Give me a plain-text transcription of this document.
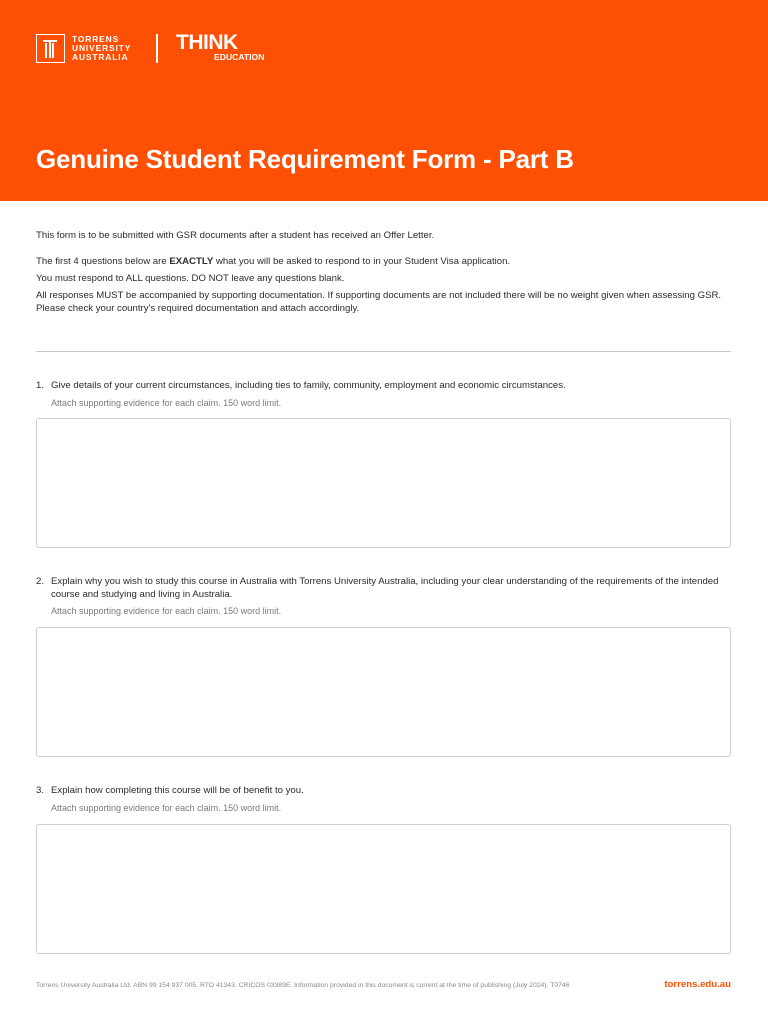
TORRENS
UNIVERSITY
AUSTRALIA
THINK
EDUCATION
Genuine Student Requirement Form - Part B

This form is to be submitted with GSR documents after a student has received an Offer Letter.

The first 4 questions below are EXACTLY what you will be asked to respond to in your Student Visa application.

You must respond to ALL questions. DO NOT leave any questions blank.

All responses MUST be accompanied by supporting documentation. If supporting documents are not included there will be no weight given when assessing GSR. Please check your country's required documentation and attach accordingly.

1. Give details of your current circumstances, including ties to family, community, employment and economic circumstances.
Attach supporting evidence for each claim. 150 word limit.
2. Explain why you wish to study this course in Australia with Torrens University Australia, including your clear understanding of the requirements of the intended course and studying and living in Australia.
Attach supporting evidence for each claim. 150 word limit.
3. Explain how completing this course will be of benefit to you.
Attach supporting evidence for each claim. 150 word limit.
Torrens University Australia Ltd. ABN 99 154 937 005. RTO 41343. CRICOS 03389E. Information provided in this document is current at the time of publishing (July 2024). T0746	torrens.edu.au
